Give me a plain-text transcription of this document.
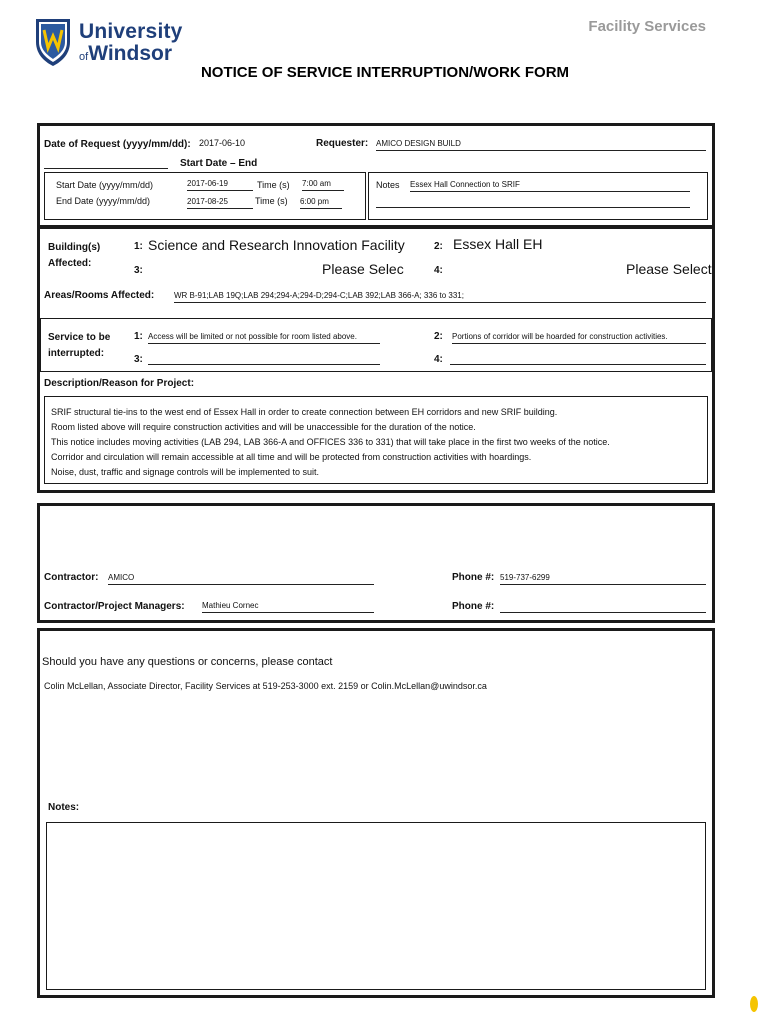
University
ofWindsor
Facility Services
NOTICE OF SERVICE INTERRUPTION/WORK FORM
Date of Request (yyyy/mm/dd): 2017-06-10	Requester: AMICO DESIGN BUILD
Start Date – End
Start Date (yyyy/mm/dd)	2017-06-19	Time (s) 7:00 am
End Date (yyyy/mm/dd)	2017-08-25	Time (s) 6:00 pm
Notes Essex Hall Connection to SRIF
Building(s)
Affected:
1: Science and Research Innovation Facility	2: Essex Hall EH
3:	Please Selec	4:	Please Select
Areas/Rooms Affected: WR B-91;LAB 19Q;LAB 294;294-A;294-D;294-C;LAB 392;LAB 366-A; 336 to 331;
Service to be
interrupted:
1: Access will be limited or not possible for room listed above.	2: Portions of corridor will be hoarded for construction activities.
3:	4:
Description/Reason for Project:
SRIF structural tie-ins to the west end of Essex Hall in order to create connection between EH corridors and new SRIF building.
Room listed above will require construction activities and will be unaccessible for the duration of the notice.
This notice includes moving activities (LAB 294, LAB 366-A and OFFICES 336 to 331) that will take place in the first two weeks of the notice.
Corridor and circulation will remain accessible at all time and will be protected from construction activities with hoardings.
Noise, dust, traffic and signage controls will be implemented to suit.
Contractor: AMICO	Phone #: 519-737-6299
Contractor/Project Managers: Mathieu Cornec	Phone #:
Should you have any questions or concerns, please contact
Colin McLellan, Associate Director, Facility Services at 519-253-3000 ext. 2159 or Colin.McLellan@uwindsor.ca
Notes:
